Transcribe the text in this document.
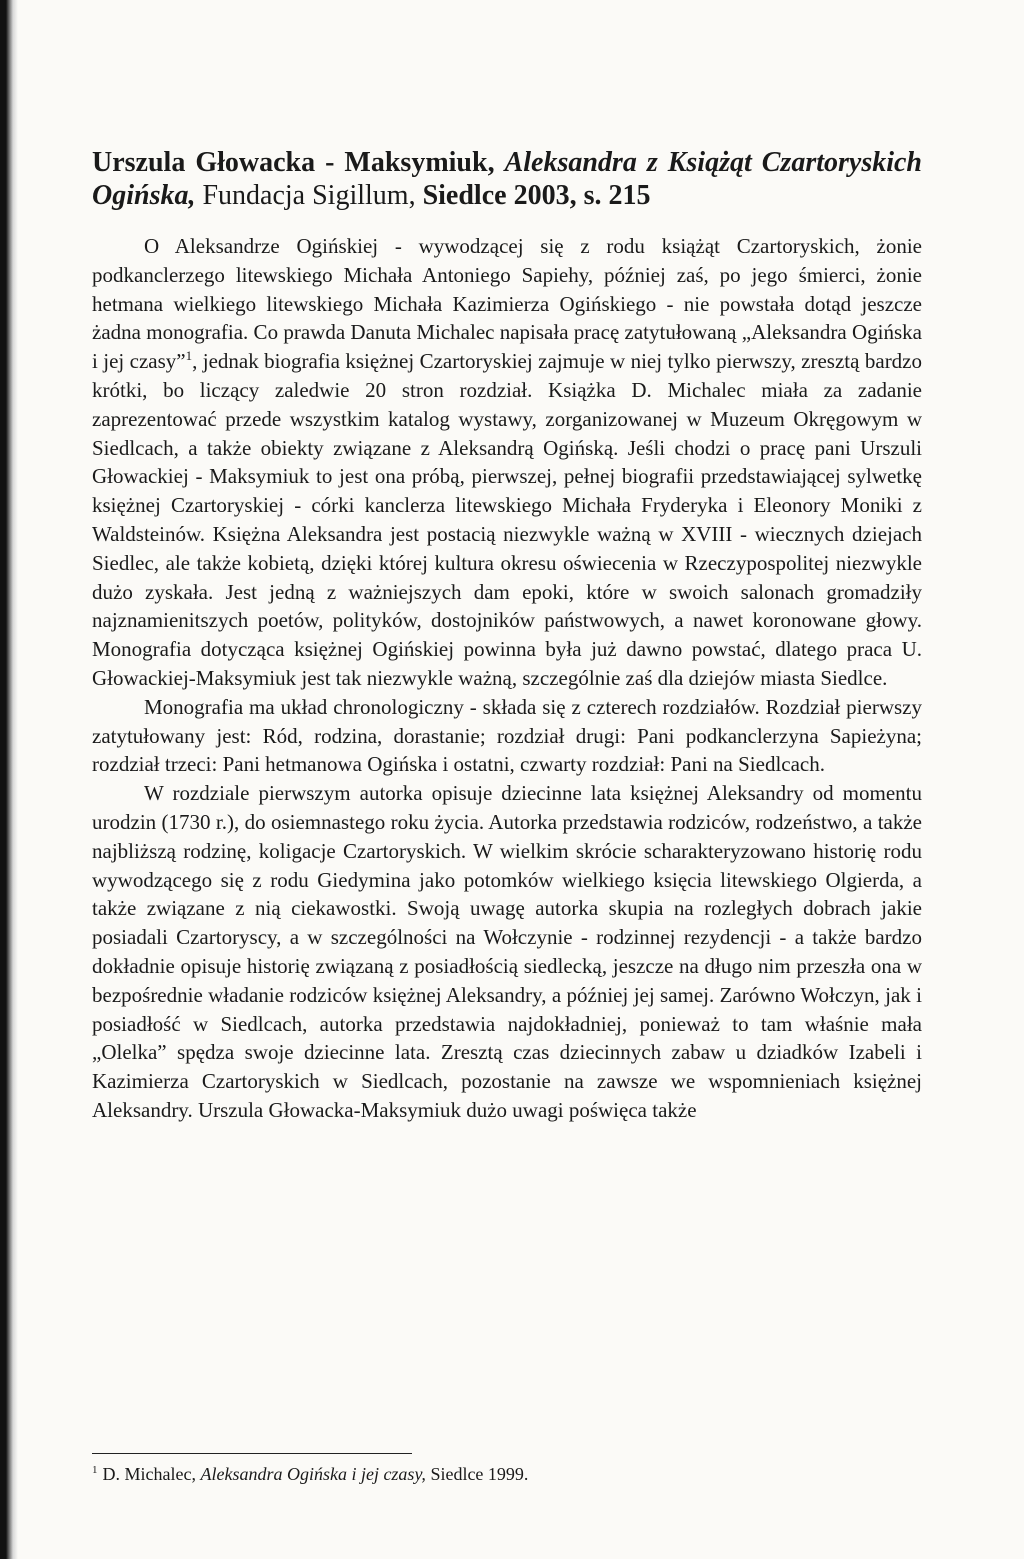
Urszula Głowacka - Maksymiuk, Aleksandra z Książąt Czartoryskich Ogińska, Fundacja Sigillum, Siedlce 2003, s. 215

O Aleksandrze Ogińskiej - wywodzącej się z rodu książąt Czartoryskich, żonie podkanclerzego litewskiego Michała Antoniego Sapiehy, później zaś, po jego śmierci, żonie hetmana wielkiego litewskiego Michała Kazimierza Ogińskiego - nie powstała dotąd jeszcze żadna monografia. Co prawda Danuta Michalec napisała pracę zatytułowaną „Aleksandra Ogińska i jej czasy”$^1$, jednak biografia księżnej Czartoryskiej zajmuje w niej tylko pierwszy, zresztą bardzo krótki, bo liczący zaledwie 20 stron rozdział. Książka D. Michalec miała za zadanie zaprezentować przede wszystkim katalog wystawy, zorganizowanej w Muzeum Okręgowym w Siedlcach, a także obiekty związane z Aleksandrą Ogińską. Jeśli chodzi o pracę pani Urszuli Głowackiej - Maksymiuk to jest ona próbą, pierwszej, pełnej biografii przedstawiającej sylwetkę księżnej Czartoryskiej - córki kanclerza litewskiego Michała Fryderyka i Eleonory Moniki z Waldsteinów. Księżna Aleksandra jest postacią niezwykle ważną w XVIII - wiecznych dziejach Siedlec, ale także kobietą, dzięki której kultura okresu oświecenia w Rzeczypospolitej niezwykle dużo zyskała. Jest jedną z ważniejszych dam epoki, które w swoich salonach gromadziły najznamienitszych poetów, polityków, dostojników państwowych, a nawet koronowane głowy. Monografia dotycząca księżnej Ogińskiej powinna była już dawno powstać, dlatego praca U. Głowackiej-Maksymiuk jest tak niezwykle ważną, szczególnie zaś dla dziejów miasta Siedlce.

Monografia ma układ chronologiczny - składa się z czterech rozdziałów. Rozdział pierwszy zatytułowany jest: Ród, rodzina, dorastanie; rozdział drugi: Pani podkanclerzyna Sapieżyna; rozdział trzeci: Pani hetmanowa Ogińska i ostatni, czwarty rozdział: Pani na Siedlcach.

W rozdziale pierwszym autorka opisuje dziecinne lata księżnej Aleksandry od momentu urodzin (1730 r.), do osiemnastego roku życia. Autorka przedstawia rodziców, rodzeństwo, a także najbliższą rodzinę, koligacje Czartoryskich. W wielkim skrócie scharakteryzowano historię rodu wywodzącego się z rodu Giedymina jako potomków wielkiego księcia litewskiego Olgierda, a także związane z nią ciekawostki. Swoją uwagę autorka skupia na rozległych dobrach jakie posiadali Czartoryscy, a w szczególności na Wołczynie - rodzinnej rezydencji - a także bardzo dokładnie opisuje historię związaną z posiadłością siedlecką, jeszcze na długo nim przeszła ona w bezpośrednie władanie rodziców księżnej Aleksandry, a później jej samej. Zarówno Wołczyn, jak i posiadłość w Siedlcach, autorka przedstawia najdokładniej, ponieważ to tam właśnie mała „Olelka” spędza swoje dziecinne lata. Zresztą czas dziecinnych zabaw u dziadków Izabeli i Kazimierza Czartoryskich w Siedlcach, pozostanie na zawsze we wspomnieniach księżnej Aleksandry. Urszula Głowacka-Maksymiuk dużo uwagi poświęca także

$^1$ D. Michalec, Aleksandra Ogińska i jej czasy, Siedlce 1999.
